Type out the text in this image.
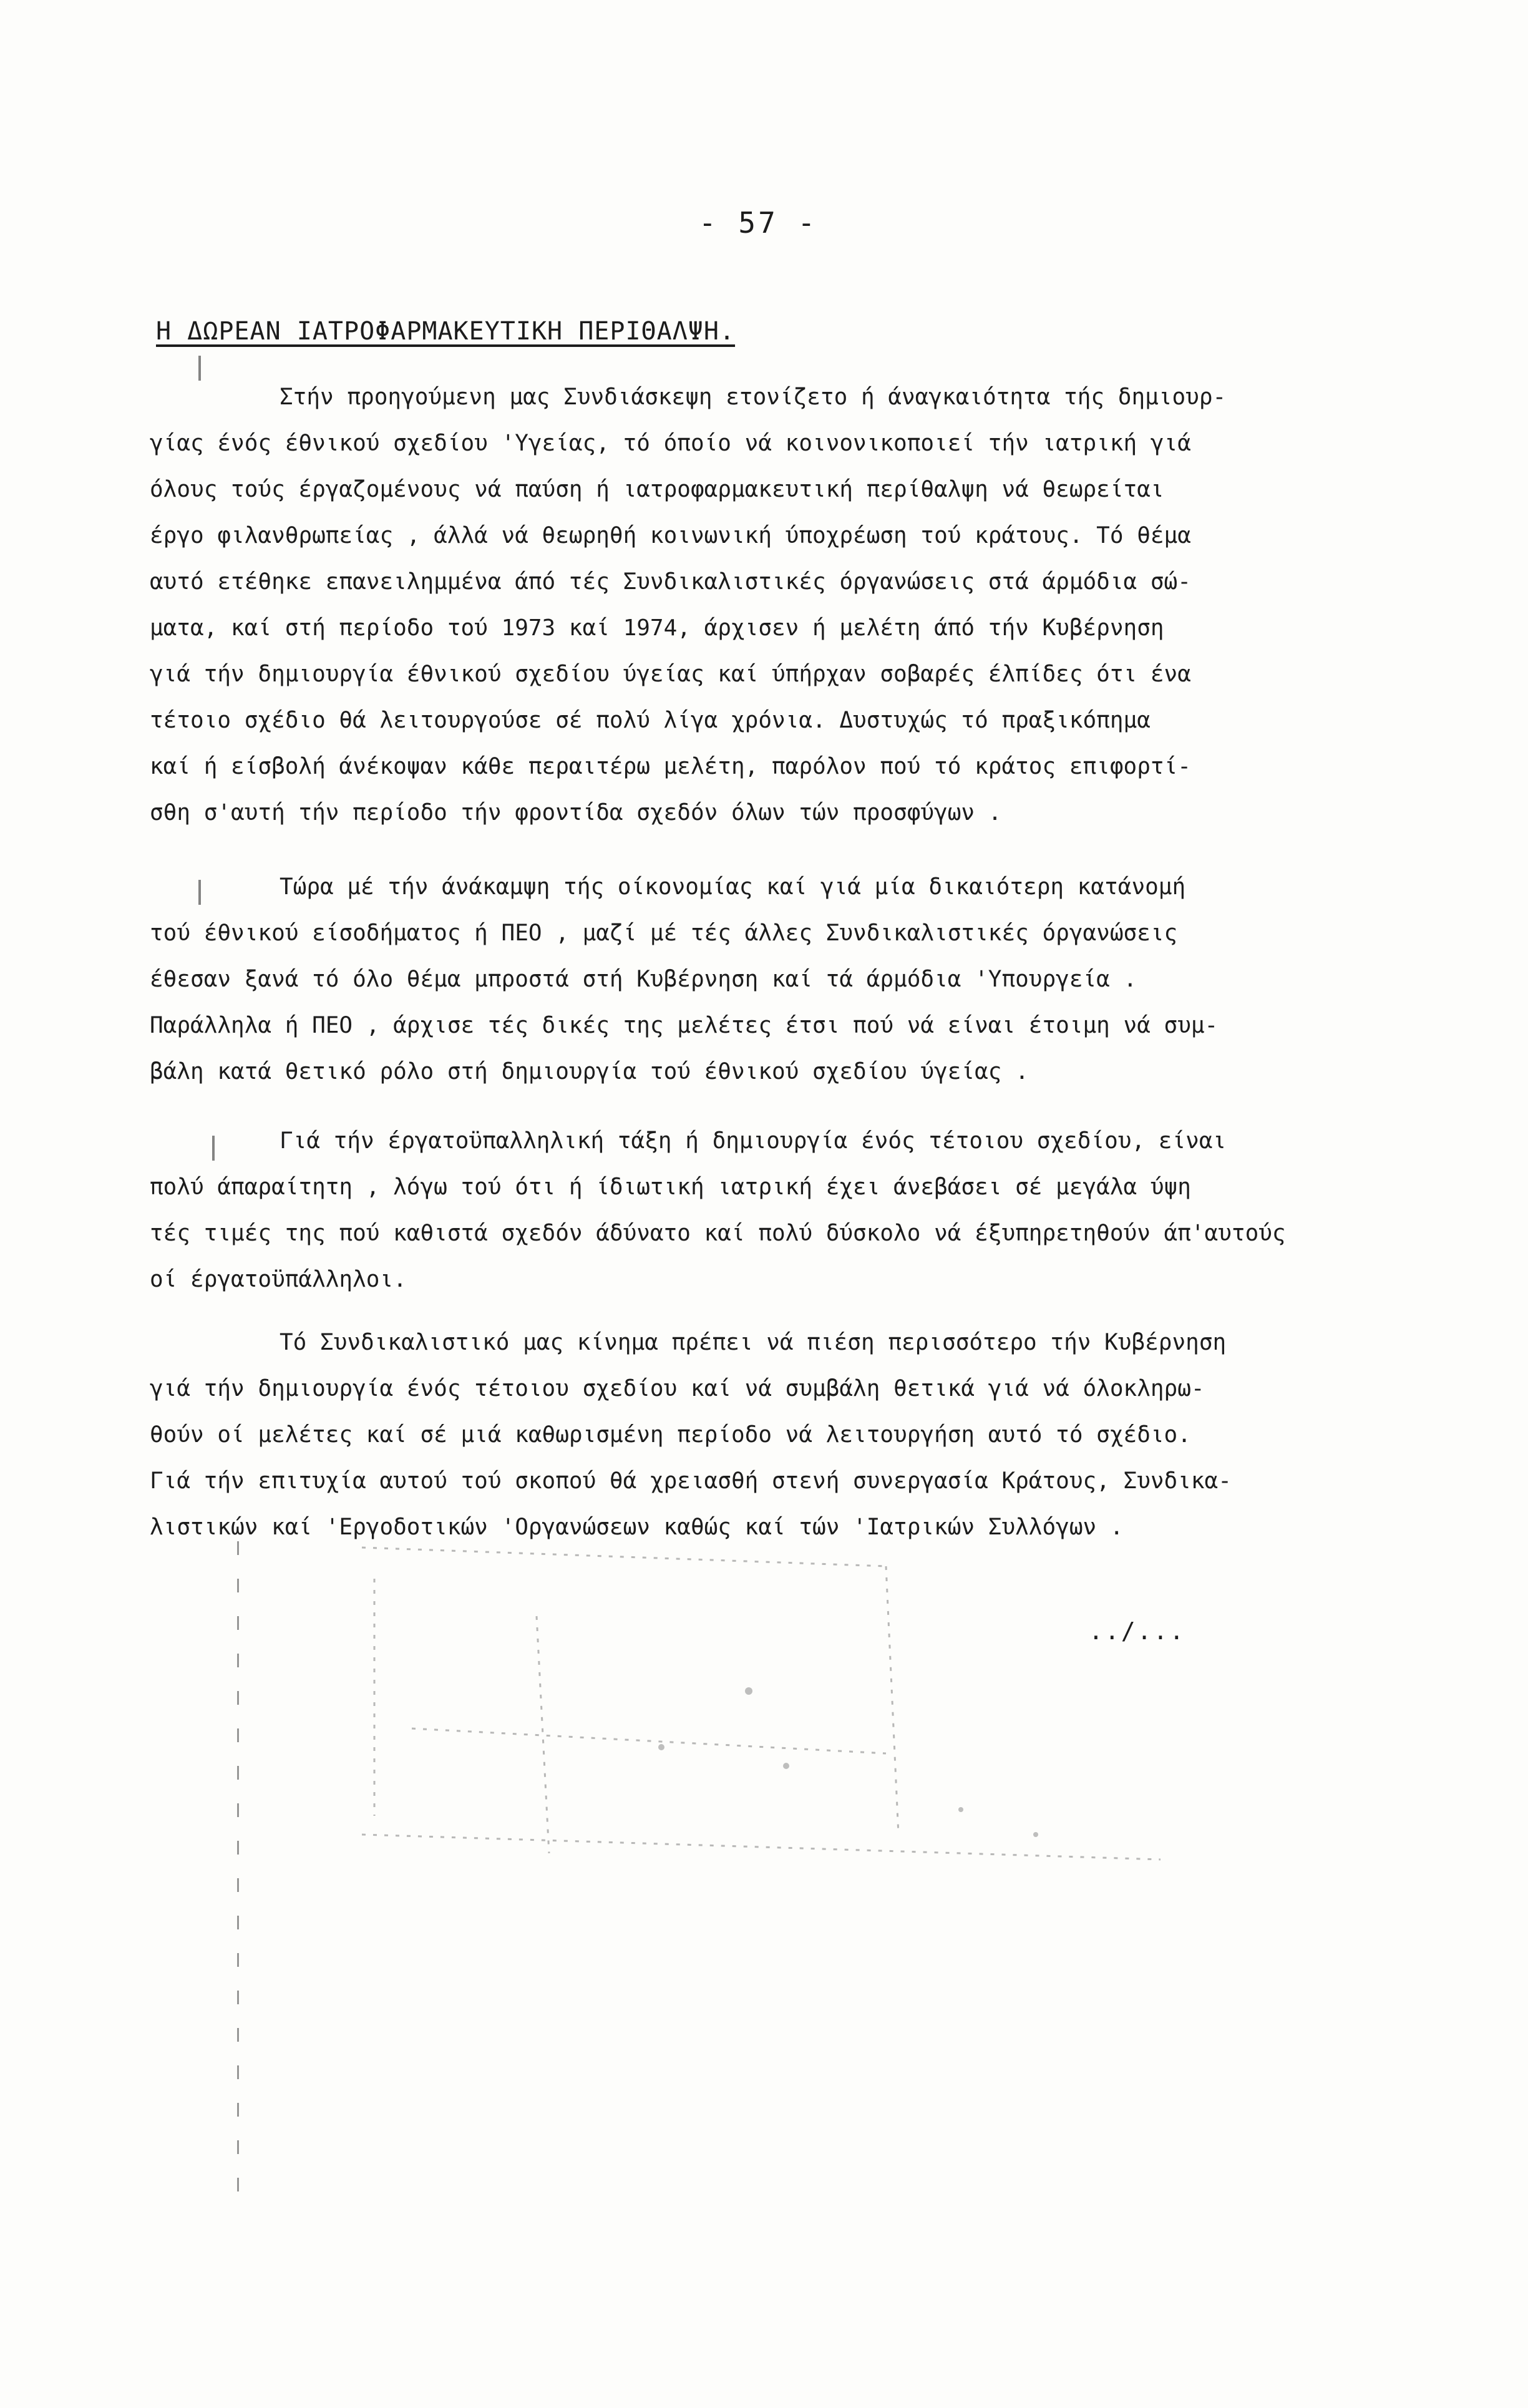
- 57 -
Η ΔΩΡΕΑΝ ΙΑΤΡΟΦΑΡΜΑΚΕΥΤΙΚΗ ΠΕΡΙΘΑΛΨΗ.
Στήν προηγούμενη μας Συνδιάσκεψη ετονίζετο ή άναγκαιότητα τής δημιουρ-
γίας ένός έθνικού σχεδίου 'Υγείας, τό όποίο νά κοινονικοποιεί τήν ιατρική γιά
όλους τούς έργαζομένους νά παύση ή ιατροφαρμακευτική περίθαλψη νά θεωρείται
έργο φιλανθρωπείας , άλλά νά θεωρηθή κοινωνική ύποχρέωση τού κράτους. Τό θέμα
αυτό ετέθηκε επανειλημμένα άπό τές Συνδικαλιστικές όργανώσεις στά άρμόδια σώ-
ματα, καί στή περίοδο τού 1973 καί 1974, άρχισεν ή μελέτη άπό τήν Κυβέρνηση
γιά τήν δημιουργία έθνικού σχεδίου ύγείας καί ύπήρχαν σοβαρές έλπίδες ότι ένα
τέτοιο σχέδιο θά λειτουργούσε σέ πολύ λίγα χρόνια. Δυστυχώς τό πραξικόπημα
καί ή είσβολή άνέκοψαν κάθε περαιτέρω μελέτη, παρόλον πού τό κράτος επιφορτί-
σθη σ'αυτή τήν περίοδο τήν φροντίδα σχεδόν όλων τών προσφύγων .
Τώρα μέ τήν άνάκαμψη τής οίκονομίας καί γιά μία δικαιότερη κατάνομή
τού έθνικού είσοδήματος ή ΠΕΟ , μαζί μέ τές άλλες Συνδικαλιστικές όργανώσεις
έθεσαν ξανά τό όλο θέμα μπροστά στή Κυβέρνηση καί τά άρμόδια 'Υπουργεία .
Παράλληλα ή ΠΕΟ , άρχισε τές δικές της μελέτες έτσι πού νά είναι έτοιμη νά συμ-
βάλη κατά θετικό ρόλο στή δημιουργία τού έθνικού σχεδίου ύγείας .
Γιά τήν έργατοϋπαλληλική τάξη ή δημιουργία ένός τέτοιου σχεδίου, είναι
πολύ άπαραίτητη , λόγω τού ότι ή ίδιωτική ιατρική έχει άνεβάσει σέ μεγάλα ύψη
τές τιμές της πού καθιστά σχεδόν άδύνατο καί πολύ δύσκολο νά έξυπηρετηθούν άπ'αυτούς
οί έργατοϋπάλληλοι.
Τό Συνδικαλιστικό μας κίνημα πρέπει νά πιέση περισσότερο τήν Κυβέρνηση
γιά τήν δημιουργία ένός τέτοιου σχεδίου καί νά συμβάλη θετικά γιά νά όλοκληρω-
θούν οί μελέτες καί σέ μιά καθωρισμένη περίοδο νά λειτουργήση αυτό τό σχέδιο.
Γιά τήν επιτυχία αυτού τού σκοπού θά χρειασθή στενή συνεργασία Κράτους, Συνδικα-
λιστικών καί 'Εργοδοτικών 'Οργανώσεων καθώς καί τών 'Ιατρικών Συλλόγων .
../...
